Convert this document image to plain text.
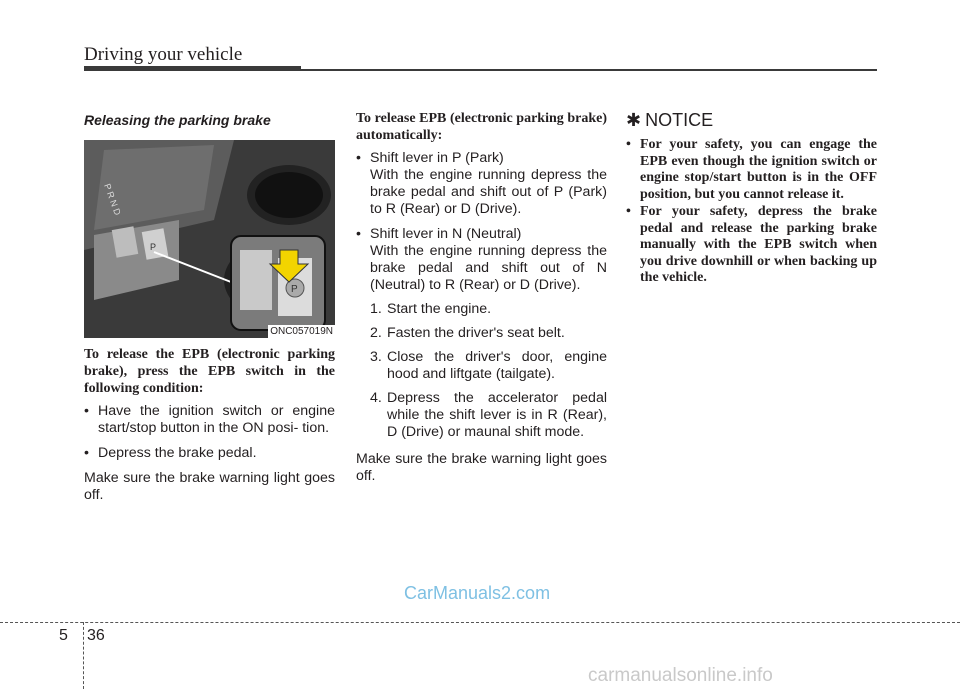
Driving your vehicle
Releasing the parking brake
P R N D
P
P
ONC057019N

To release the EPB (electronic parking brake), press the EPB switch in the following condition:

• Have the ignition switch or engine start/stop button in the ON posi- tion.
• Depress the brake pedal.

Make sure the brake warning light goes off.

To release EPB (electronic parking brake) automatically:

• Shift lever in P (Park)

With the engine running depress the brake pedal and shift out of P (Park) to R (Rear) or D (Drive).

• Shift lever in N (Neutral)

With the engine running depress the brake pedal and shift out of N (Neutral) to R (Rear) or D (Drive).

1. Start the engine.
2. Fasten the driver's seat belt.
3. Close the driver's door, engine hood and liftgate (tailgate).
4. Depress the accelerator pedal while the shift lever is in R (Rear), D (Drive) or maunal shift mode.

Make sure the brake warning light goes off.

✱ NOTICE
• For your safety, you can engage the EPB even though the ignition switch or engine stop/start button is in the OFF position, but you cannot release it.
• For your safety, depress the brake pedal and release the parking brake manually with the EPB switch when you drive downhill or when backing up the vehicle.
CarManuals2.com
5 36
carmanualsonline.info
